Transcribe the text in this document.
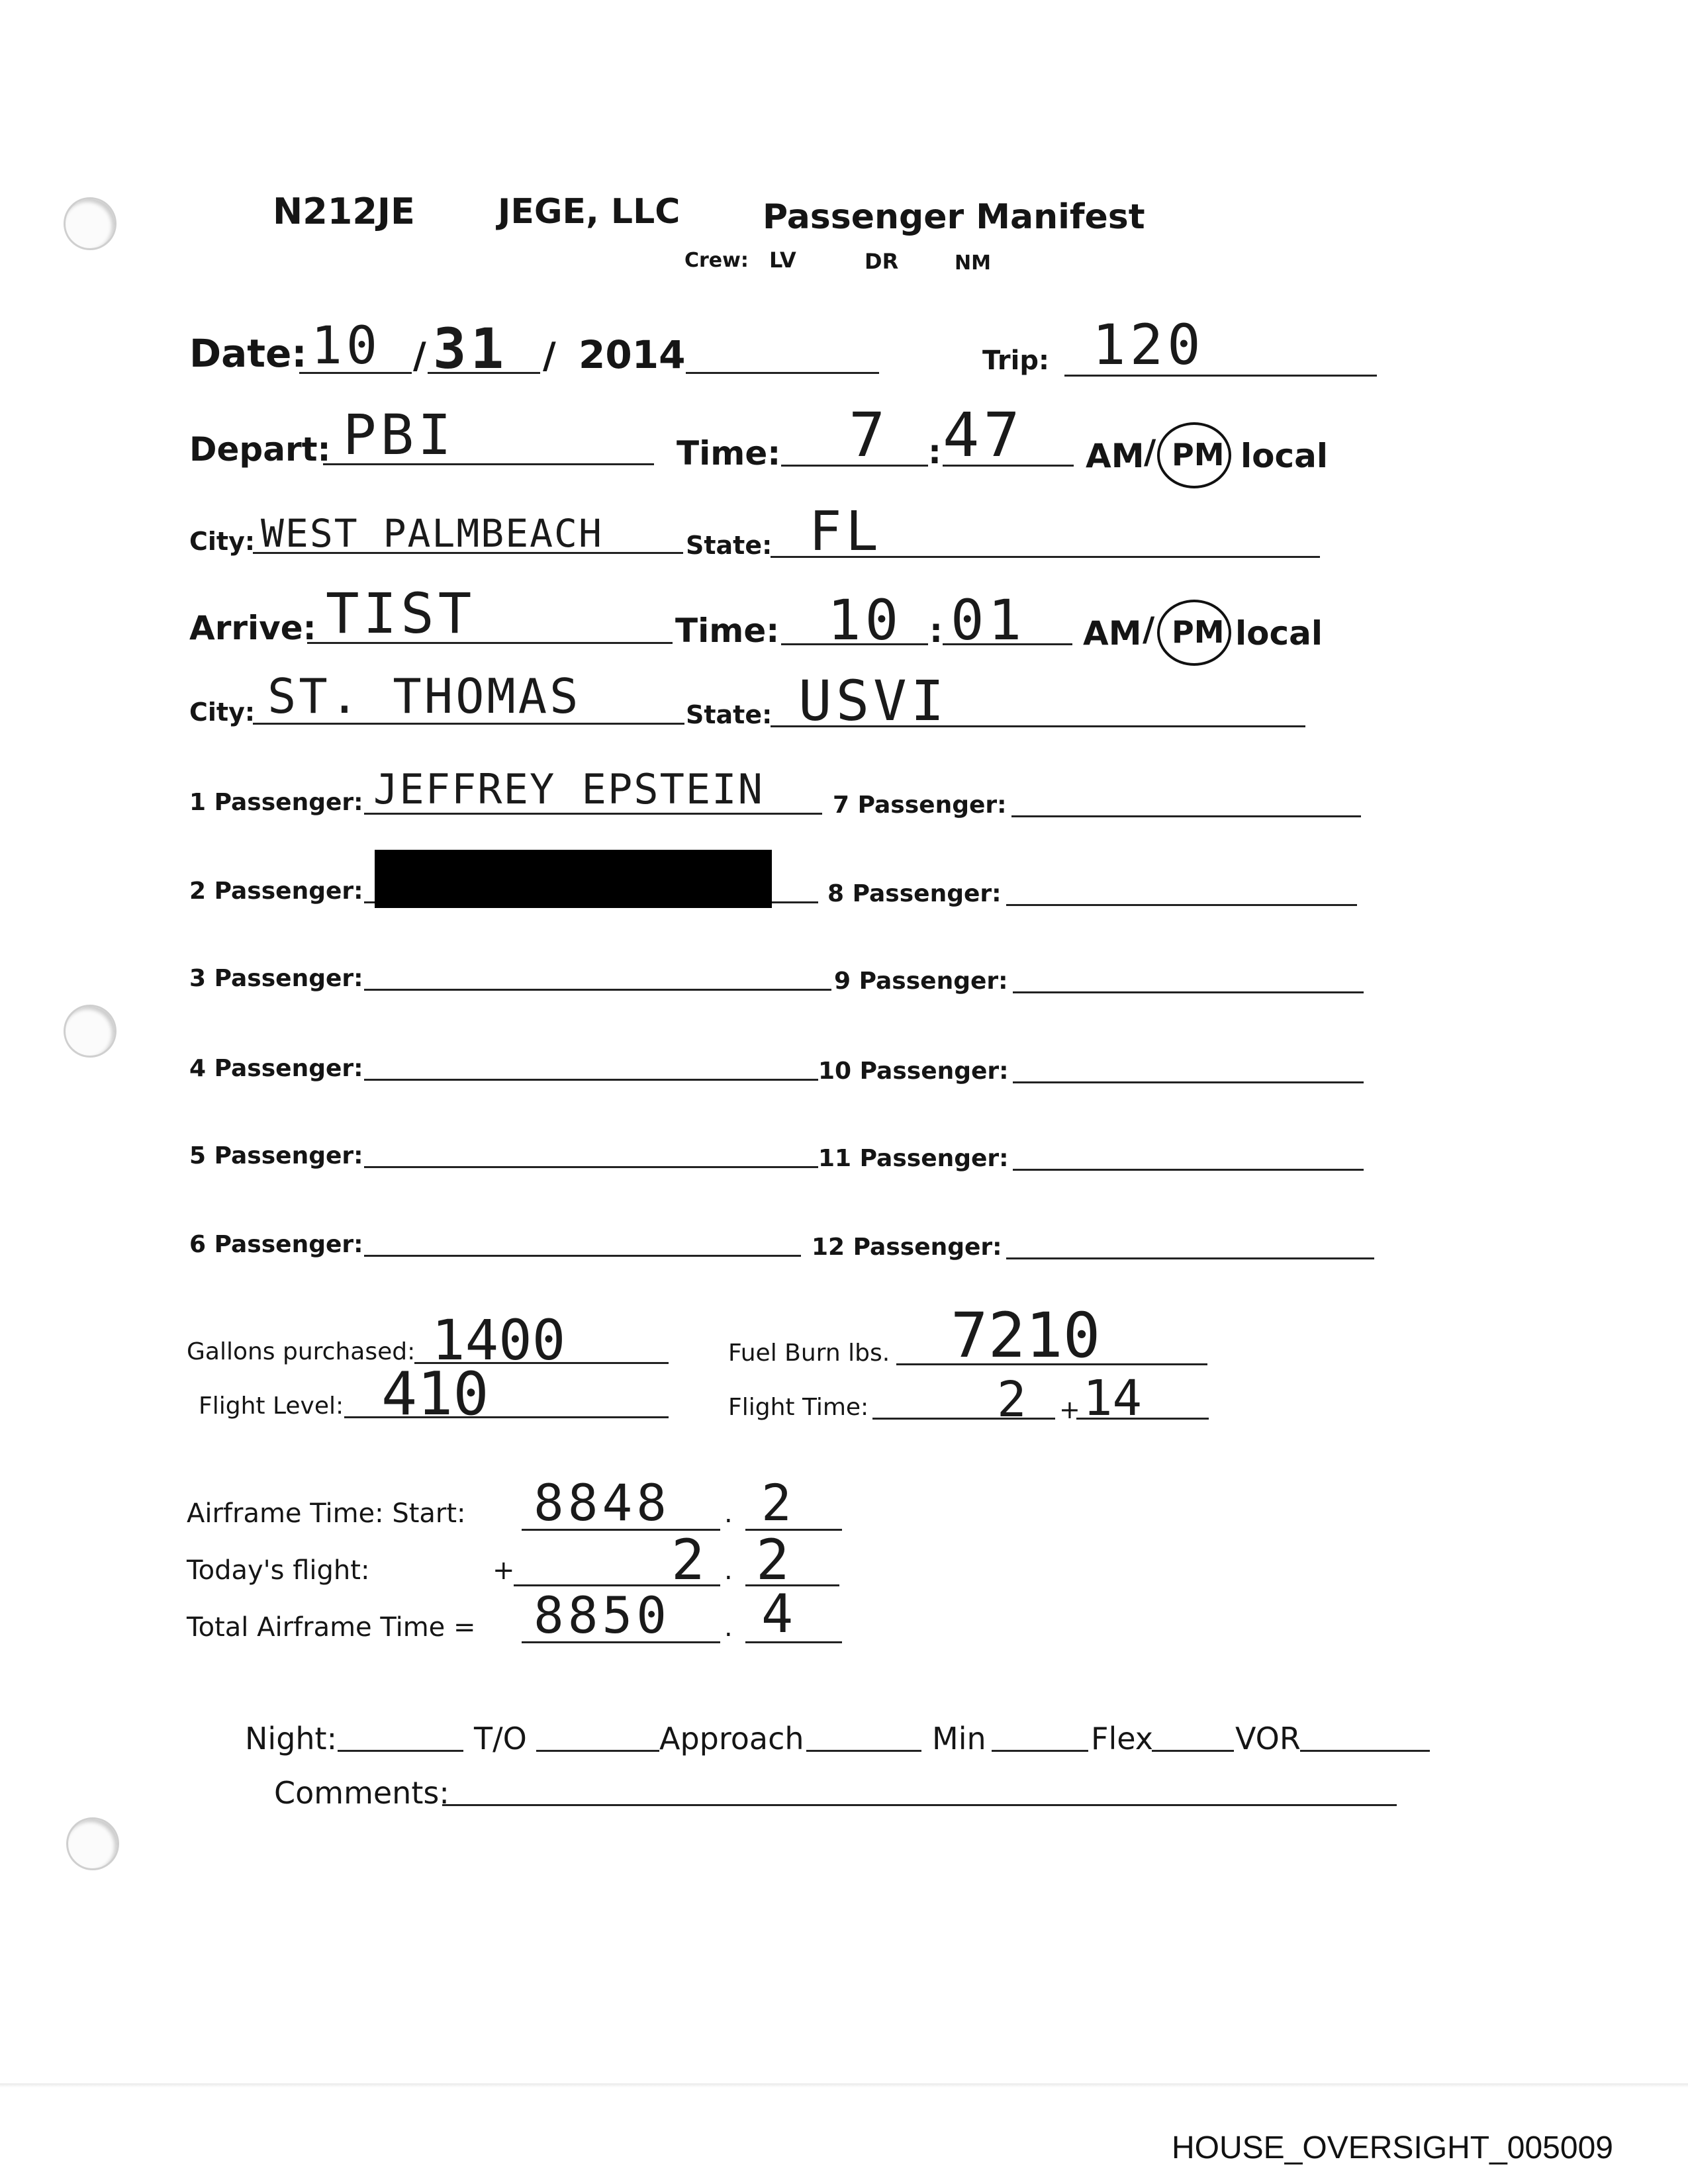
N212JE JEGE, LLC Passenger Manifest
Crew: LV	DR	NM
Date: 10 / 31 / 2014	Trip: 120
Depart: PBI	Time: 7 : 47 AM / PM local
City: WEST PALMBEACH	State: FL
Arrive: TIST	Time: 10 : 01 AM / PM local
City: ST. THOMAS	State: USVI
1 Passenger: JEFFREY EPSTEIN
2 Passenger:
3 Passenger:
4 Passenger:
5 Passenger:
6 Passenger:
7 Passenger:
8 Passenger:
9 Passenger:
10 Passenger:
11 Passenger:
12 Passenger:
Gallons purchased: 1400	Fuel Burn lbs. 7210
Flight Level: 410	Flight Time:	2 + 14
Airframe Time: Start: 8848 . 2
Today's flight:	+	2 . 2
Total Airframe Time = 8850 . 4
Night:	T/O	Approach	Min	Flex	VOR
Comments:
HOUSE_OVERSIGHT_005009
